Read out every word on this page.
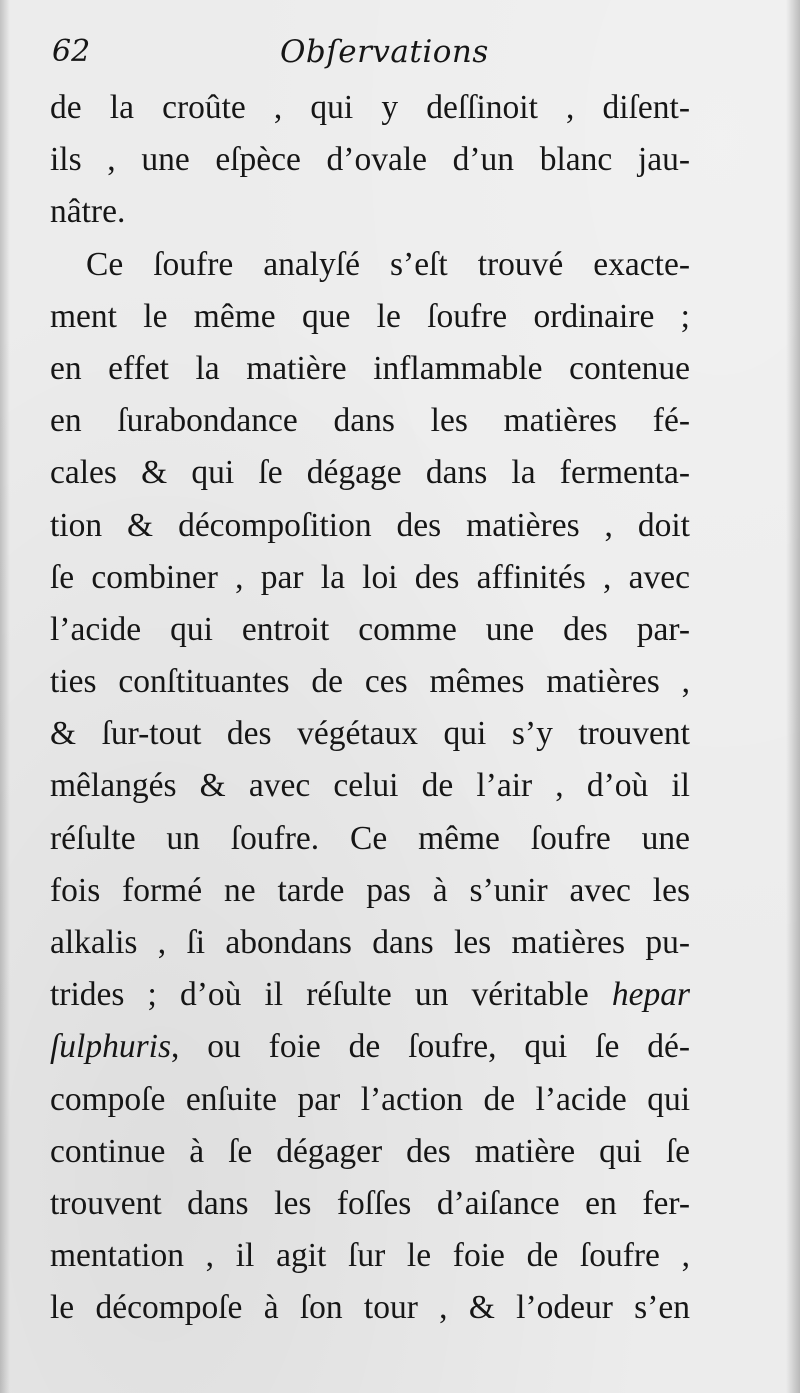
62	Obſervations
de la croûte , qui y deſſinoit , diſent-
ils , une eſpèce d’ovale d’un blanc jau-
nâtre.
Ce ſoufre analyſé s’eſt trouvé exacte-
ment le même que le ſoufre ordinaire ;
en effet la matière inflammable contenue
en ſurabondance dans les matières fé-
cales & qui ſe dégage dans la fermenta-
tion & décompoſition des matières , doit
ſe combiner , par la loi des affinités , avec
l’acide qui entroit comme une des par-
ties conſtituantes de ces mêmes matières ,
& ſur-tout des végétaux qui s’y trouvent
mêlangés & avec celui de l’air , d’où il
réſulte un ſoufre. Ce même ſoufre une
fois formé ne tarde pas à s’unir avec les
alkalis , ſi abondans dans les matières pu-
trides ; d’où il réſulte un véritable hepar
ſulphuris, ou foie de ſoufre, qui ſe dé-
compoſe enſuite par l’action de l’acide qui
continue à ſe dégager des matière qui ſe
trouvent dans les foſſes d’aiſance en fer-
mentation , il agit ſur le foie de ſoufre ,
le décompoſe à ſon tour , & l’odeur s’en
